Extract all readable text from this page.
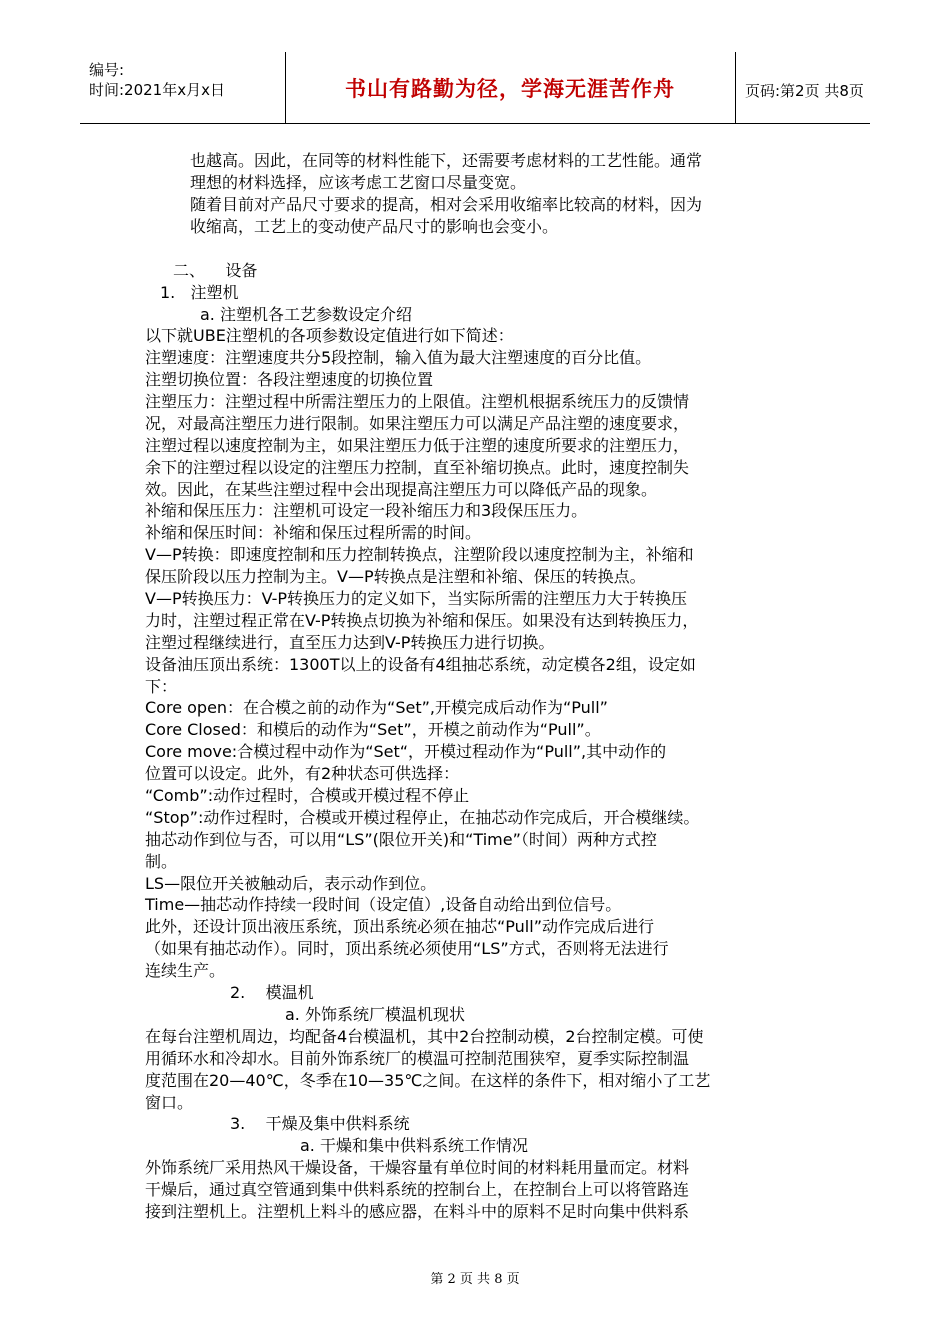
编号:
时间:2021年x月x日	书山有路勤为径，学海无涯苦作舟	页码:第2页 共8页
也越高。因此，在同等的材料性能下，还需要考虑材料的工艺性能。通常
理想的材料选择，应该考虑工艺窗口尽量变宽。
随着目前对产品尺寸要求的提高，相对会采用收缩率比较高的材料，因为
收缩高，工艺上的变动使产品尺寸的影响也会变小。
二、    设备
1.   注塑机
a. 注塑机各工艺参数设定介绍
以下就UBE注塑机的各项参数设定值进行如下简述：
注塑速度：注塑速度共分5段控制，输入值为最大注塑速度的百分比值。
注塑切换位置：各段注塑速度的切换位置
注塑压力：注塑过程中所需注塑压力的上限值。注塑机根据系统压力的反馈情
况，对最高注塑压力进行限制。如果注塑压力可以满足产品注塑的速度要求，
注塑过程以速度控制为主，如果注塑压力低于注塑的速度所要求的注塑压力，
余下的注塑过程以设定的注塑压力控制，直至补缩切换点。此时，速度控制失
效。因此，在某些注塑过程中会出现提高注塑压力可以降低产品的现象。
补缩和保压压力：注塑机可设定一段补缩压力和3段保压压力。
补缩和保压时间：补缩和保压过程所需的时间。
V—P转换：即速度控制和压力控制转换点，注塑阶段以速度控制为主，补缩和
保压阶段以压力控制为主。V—P转换点是注塑和补缩、保压的转换点。
V—P转换压力：V-P转换压力的定义如下，当实际所需的注塑压力大于转换压
力时，注塑过程正常在V-P转换点切换为补缩和保压。如果没有达到转换压力，
注塑过程继续进行，直至压力达到V-P转换压力进行切换。
设备油压顶出系统：1300T以上的设备有4组抽芯系统，动定模各2组，设定如
下：
Core open：在合模之前的动作为“Set”,开模完成后动作为“Pull”
Core Closed：和模后的动作为“Set”，开模之前动作为“Pull”。
Core move:合模过程中动作为“Set“，开模过程动作为“Pull”,其中动作的
位置可以设定。此外，有2种状态可供选择：
“Comb”:动作过程时，合模或开模过程不停止
“Stop”:动作过程时，合模或开模过程停止，在抽芯动作完成后，开合模继续。
抽芯动作到位与否，可以用“LS”(限位开关)和“Time”（时间）两种方式控
制。
LS—限位开关被触动后，表示动作到位。
Time—抽芯动作持续一段时间（设定值）,设备自动给出到位信号。
此外，还设计顶出液压系统，顶出系统必须在抽芯“Pull”动作完成后进行
（如果有抽芯动作）。同时，顶出系统必须使用“LS”方式，否则将无法进行
连续生产。
2.    模温机
a. 外饰系统厂模温机现状
在每台注塑机周边，均配备4台模温机，其中2台控制动模，2台控制定模。可使
用循环水和冷却水。目前外饰系统厂的模温可控制范围狭窄，夏季实际控制温
度范围在20—40℃，冬季在10—35℃之间。在这样的条件下，相对缩小了工艺
窗口。
3.    干燥及集中供料系统
a. 干燥和集中供料系统工作情况
外饰系统厂采用热风干燥设备，干燥容量有单位时间的材料耗用量而定。材料
干燥后，通过真空管通到集中供料系统的控制台上，在控制台上可以将管路连
接到注塑机上。注塑机上料斗的感应器，在料斗中的原料不足时向集中供料系
第 2 页 共 8 页
